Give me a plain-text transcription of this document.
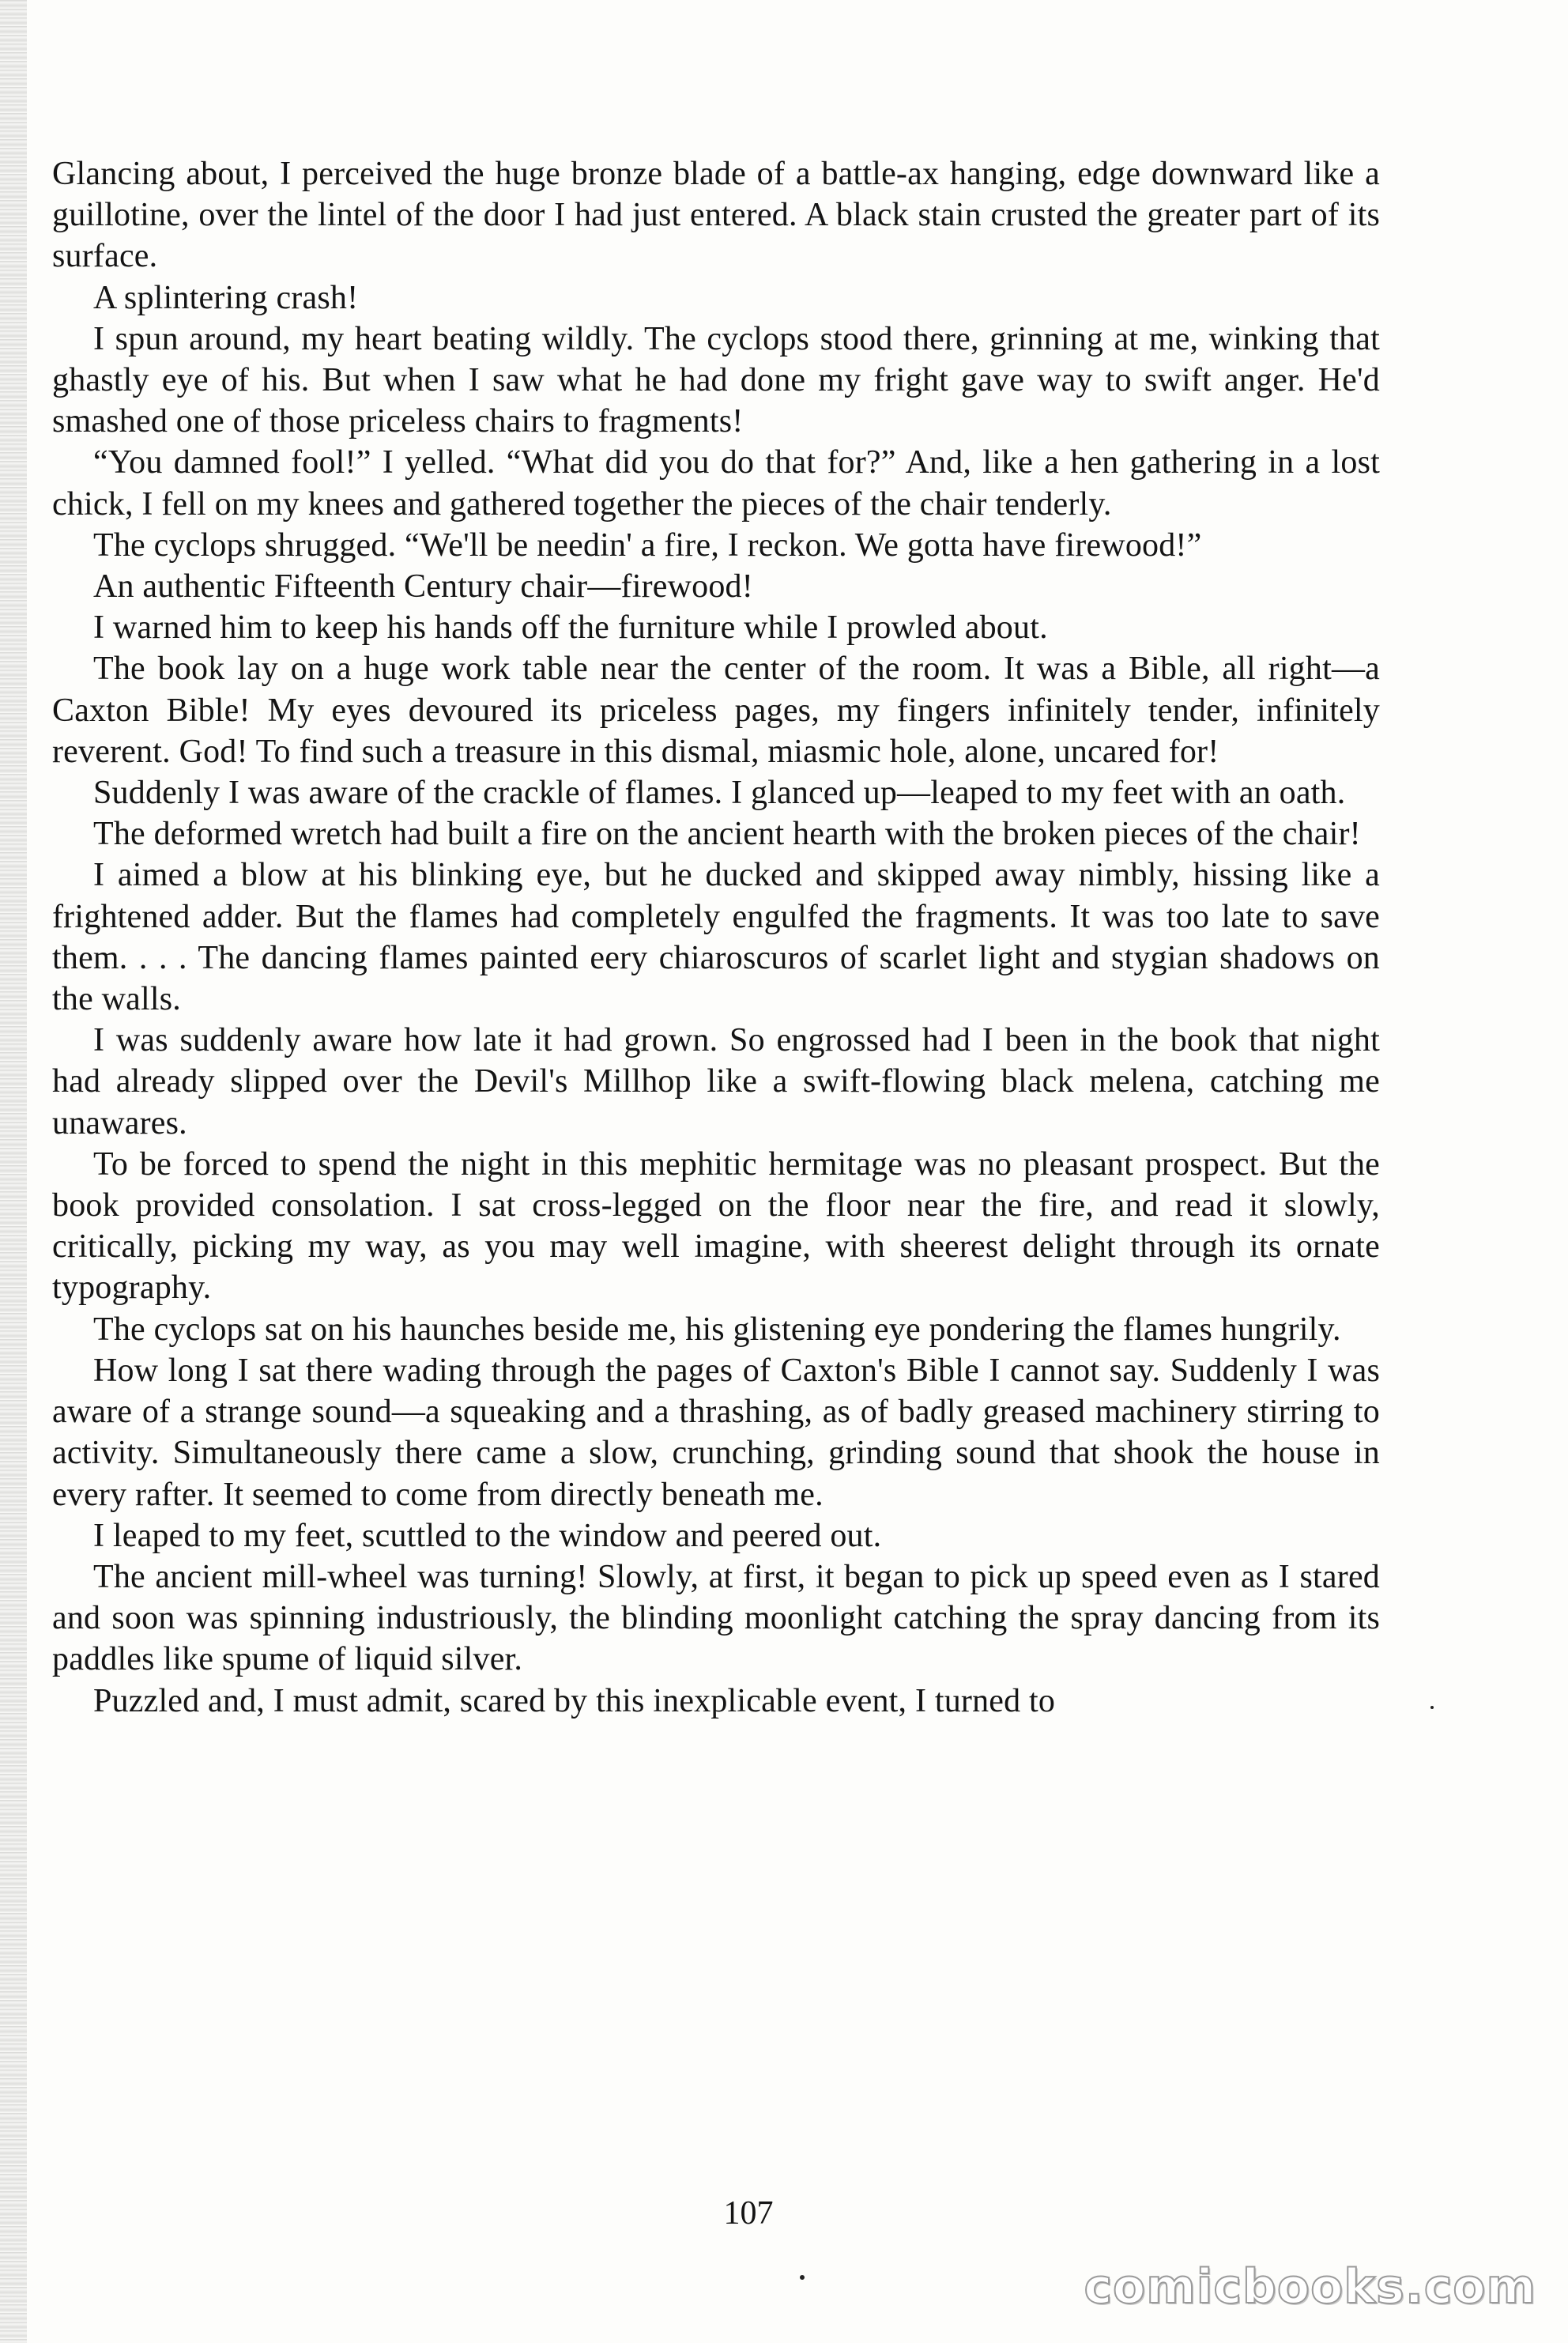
Glancing about, I perceived the huge bronze blade of a battle-ax hanging, edge downward like a guillotine, over the lintel of the door I had just entered. A black stain crusted the greater part of its surface.

A splintering crash!

I spun around, my heart beating wildly. The cyclops stood there, grinning at me, winking that ghastly eye of his. But when I saw what he had done my fright gave way to swift anger. He'd smashed one of those priceless chairs to fragments!

“You damned fool!” I yelled. “What did you do that for?” And, like a hen gathering in a lost chick, I fell on my knees and gathered together the pieces of the chair tenderly.

The cyclops shrugged. “We'll be needin' a fire, I reckon. We gotta have firewood!”

An authentic Fifteenth Century chair—firewood!

I warned him to keep his hands off the furniture while I prowled about.

The book lay on a huge work table near the center of the room. It was a Bible, all right—a Caxton Bible! My eyes devoured its priceless pages, my fingers infinitely tender, infinitely reverent. God! To find such a treasure in this dismal, miasmic hole, alone, uncared for!

Suddenly I was aware of the crackle of flames. I glanced up—leaped to my feet with an oath.

The deformed wretch had built a fire on the ancient hearth with the broken pieces of the chair!

I aimed a blow at his blinking eye, but he ducked and skipped away nimbly, hissing like a frightened adder. But the flames had completely engulfed the fragments. It was too late to save them. . . . The dancing flames painted eery chiaroscuros of scarlet light and stygian shadows on the walls.

I was suddenly aware how late it had grown. So engrossed had I been in the book that night had already slipped over the Devil's Millhop like a swift-flowing black melena, catching me unawares.

To be forced to spend the night in this mephitic hermitage was no pleasant prospect. But the book provided consolation. I sat cross-legged on the floor near the fire, and read it slowly, critically, picking my way, as you may well imagine, with sheerest delight through its ornate typography.

The cyclops sat on his haunches beside me, his glistening eye pondering the flames hungrily.

How long I sat there wading through the pages of Caxton's Bible I cannot say. Suddenly I was aware of a strange sound—a squeaking and a thrashing, as of badly greased machinery stirring to activity. Simultaneously there came a slow, crunching, grinding sound that shook the house in every rafter. It seemed to come from directly beneath me.

I leaped to my feet, scuttled to the window and peered out.

The ancient mill-wheel was turning! Slowly, at first, it began to pick up speed even as I stared and soon was spinning industriously, the blinding moonlight catching the spray dancing from its paddles like spume of liquid silver.

Puzzled and, I must admit, scared by this inexplicable event, I turned to

107
comicbooks.com
